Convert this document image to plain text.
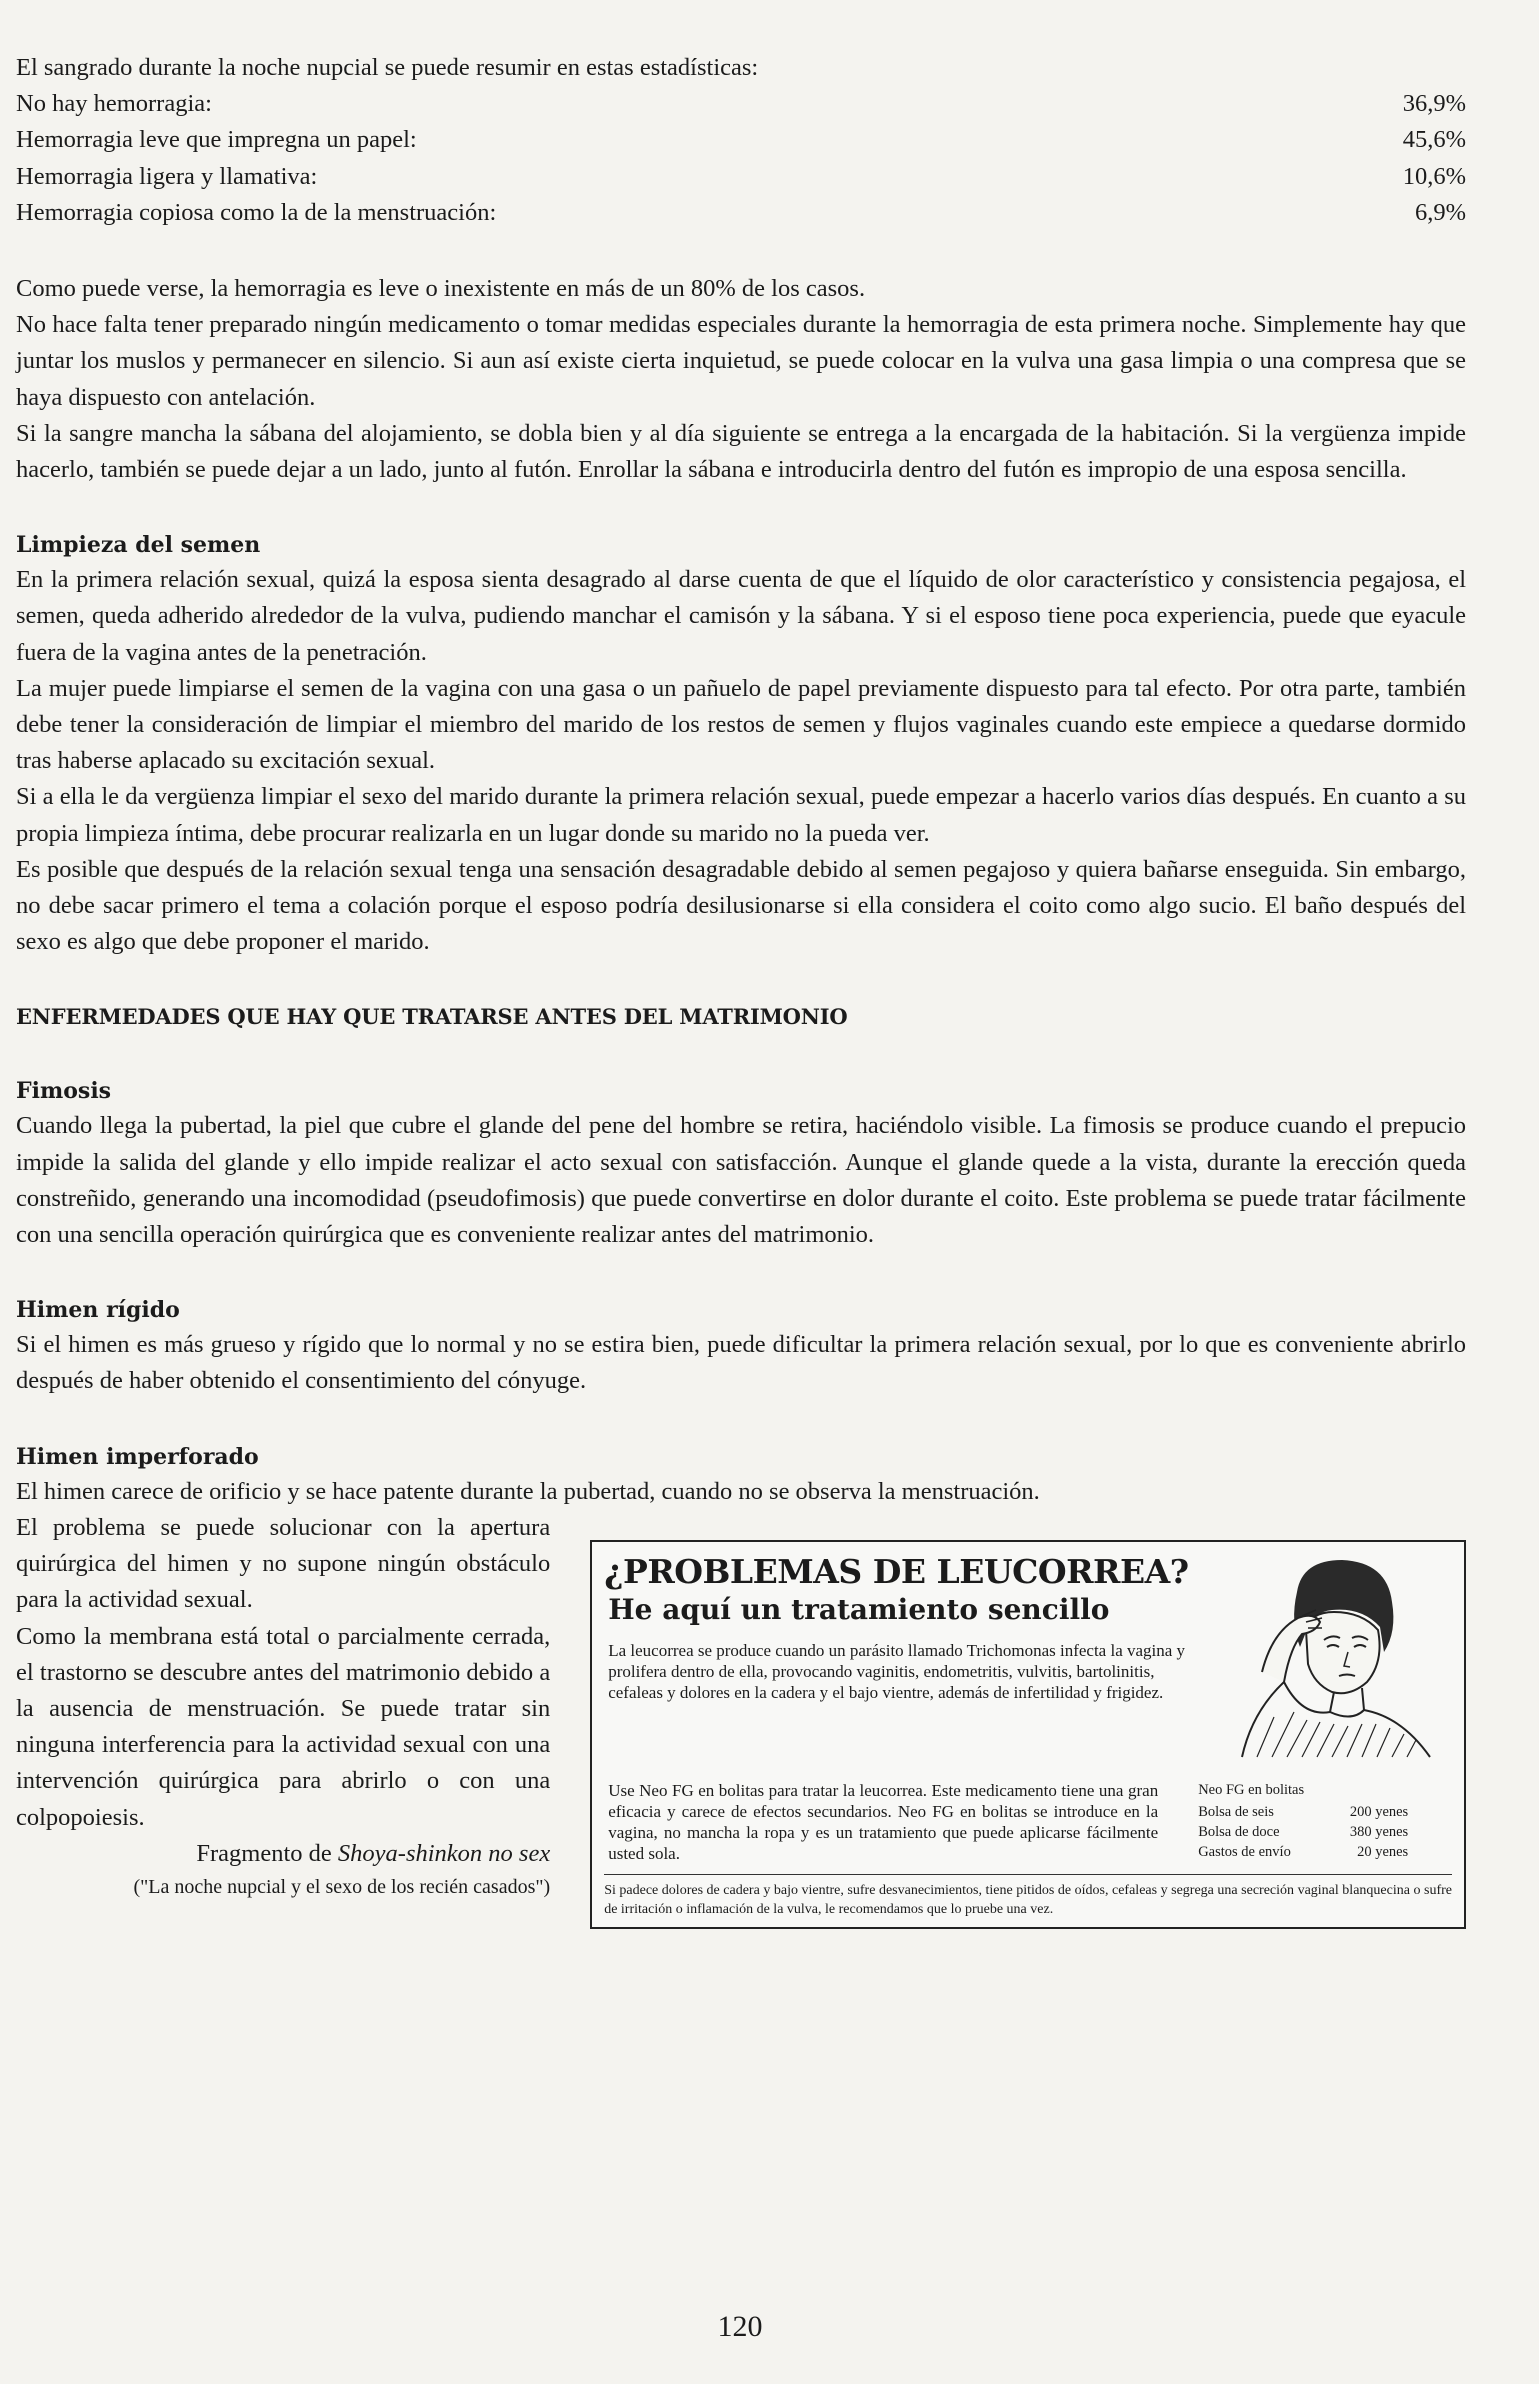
El sangrado durante la noche nupcial se puede resumir en estas estadísticas:

No hay hemorragia:	36,9%
Hemorragia leve que impregna un papel:	45,6%
Hemorragia ligera y llamativa:	10,6%
Hemorragia copiosa como la de la menstruación:	6,9%

Como puede verse, la hemorragia es leve o inexistente en más de un 80% de los casos.

No hace falta tener preparado ningún medicamento o tomar medidas especiales durante la hemorragia de esta primera noche. Simplemente hay que juntar los muslos y permanecer en silencio. Si aun así existe cierta inquietud, se puede colocar en la vulva una gasa limpia o una compresa que se haya dispuesto con antelación.

Si la sangre mancha la sábana del alojamiento, se dobla bien y al día siguiente se entrega a la encargada de la habitación. Si la vergüenza impide hacerlo, también se puede dejar a un lado, junto al futón. Enrollar la sábana e introducirla dentro del futón es impropio de una esposa sencilla.

Limpieza del semen

En la primera relación sexual, quizá la esposa sienta desagrado al darse cuenta de que el líquido de olor característico y consistencia pegajosa, el semen, queda adherido alrededor de la vulva, pudiendo manchar el camisón y la sábana. Y si el esposo tiene poca experiencia, puede que eyacule fuera de la vagina antes de la penetración.

La mujer puede limpiarse el semen de la vagina con una gasa o un pañuelo de papel previamente dispuesto para tal efecto. Por otra parte, también debe tener la consideración de limpiar el miembro del marido de los restos de semen y flujos vaginales cuando este empiece a quedarse dormido tras haberse aplacado su excitación sexual.

Si a ella le da vergüenza limpiar el sexo del marido durante la primera relación sexual, puede empezar a hacerlo varios días después. En cuanto a su propia limpieza íntima, debe procurar realizarla en un lugar donde su marido no la pueda ver.

Es posible que después de la relación sexual tenga una sensación desagradable debido al semen pegajoso y quiera bañarse enseguida. Sin embargo, no debe sacar primero el tema a colación porque el esposo podría desilusionarse si ella considera el coito como algo sucio. El baño después del sexo es algo que debe proponer el marido.

ENFERMEDADES QUE HAY QUE TRATARSE ANTES DEL MATRIMONIO
Fimosis

Cuando llega la pubertad, la piel que cubre el glande del pene del hombre se retira, haciéndolo visible. La fimosis se produce cuando el prepucio impide la salida del glande y ello impide realizar el acto sexual con satisfacción. Aunque el glande quede a la vista, durante la erección queda constreñido, generando una incomodidad (pseudofimosis) que puede convertirse en dolor durante el coito. Este problema se puede tratar fácilmente con una sencilla operación quirúrgica que es conveniente realizar antes del matrimonio.

Himen rígido

Si el himen es más grueso y rígido que lo normal y no se estira bien, puede dificultar la primera relación sexual, por lo que es conveniente abrirlo después de haber obtenido el consentimiento del cónyuge.

Himen imperforado

El himen carece de orificio y se hace patente durante la pubertad, cuando no se observa la menstruación.

El problema se puede solucionar con la apertura quirúrgica del himen y no supone ningún obstáculo para la actividad sexual.

Como la membrana está total o parcialmente cerrada, el trastorno se descubre antes del matrimonio debido a la ausencia de menstruación. Se puede tratar sin ninguna interferencia para la actividad sexual con una intervención quirúrgica para abrirlo o con una colpopoiesis.

Fragmento de Shoya-shinkon no sex

("La noche nupcial y el sexo de los recién casados")

¿PROBLEMAS DE LEUCORREA?
He aquí un tratamiento sencillo

La leucorrea se produce cuando un parásito llamado Trichomonas infecta la vagina y prolifera dentro de ella, provocando vaginitis, endometritis, vulvitis, bartolinitis, cefaleas y dolores en la cadera y el bajo vientre, además de infertilidad y frigidez.

Use Neo FG en bolitas para tratar la leucorrea. Este medicamento tiene una gran eficacia y carece de efectos secundarios. Neo FG en bolitas se introduce en la vagina, no mancha la ropa y es un tratamiento que puede aplicarse fácilmente usted sola.

Neo FG en bolitas
Bolsa de seis	200 yenes
Bolsa de doce	380 yenes
Gastos de envío	20 yenes
Si padece dolores de cadera y bajo vientre, sufre desvanecimientos, tiene pitidos de oídos, cefaleas y segrega una secreción vaginal blanquecina o sufre de irritación o inflamación de la vulva, le recomendamos que lo pruebe una vez.
120
